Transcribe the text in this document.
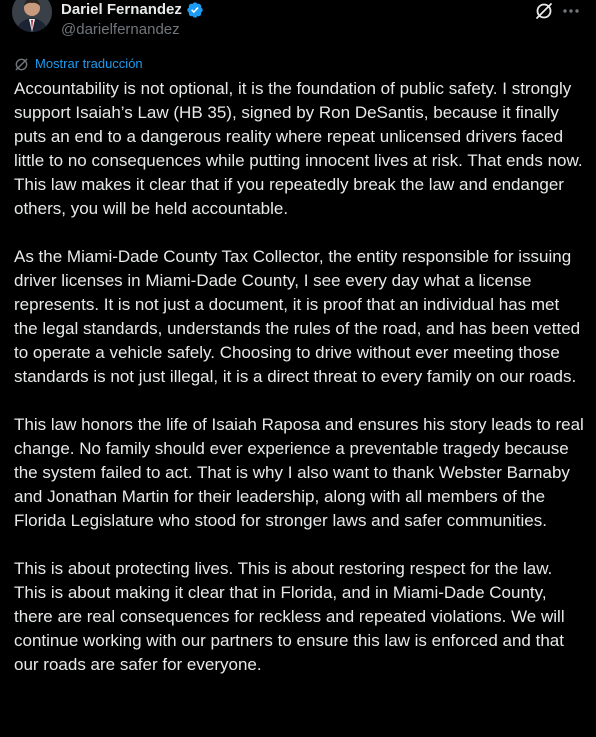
Dariel Fernandez
@darielfernandez
Mostrar traducción

Accountability is not optional, it is the foundation of public safety. I strongly support Isaiah’s Law (HB 35), signed by Ron DeSantis, because it finally puts an end to a dangerous reality where repeat unlicensed drivers faced little to no consequences while putting innocent lives at risk. That ends now. This law makes it clear that if you repeatedly break the law and endanger others, you will be held accountable.

As the Miami-Dade County Tax Collector, the entity responsible for issuing driver licenses in Miami-Dade County, I see every day what a license represents. It is not just a document, it is proof that an individual has met the legal standards, understands the rules of the road, and has been vetted to operate a vehicle safely. Choosing to drive without ever meeting those standards is not just illegal, it is a direct threat to every family on our roads.

This law honors the life of Isaiah Raposa and ensures his story leads to real change. No family should ever experience a preventable tragedy because the system failed to act. That is why I also want to thank Webster Barnaby and Jonathan Martin for their leadership, along with all members of the Florida Legislature who stood for stronger laws and safer communities.

This is about protecting lives. This is about restoring respect for the law. This is about making it clear that in Florida, and in Miami-Dade County, there are real consequences for reckless and repeated violations. We will continue working with our partners to ensure this law is enforced and that our roads are safer for everyone.
